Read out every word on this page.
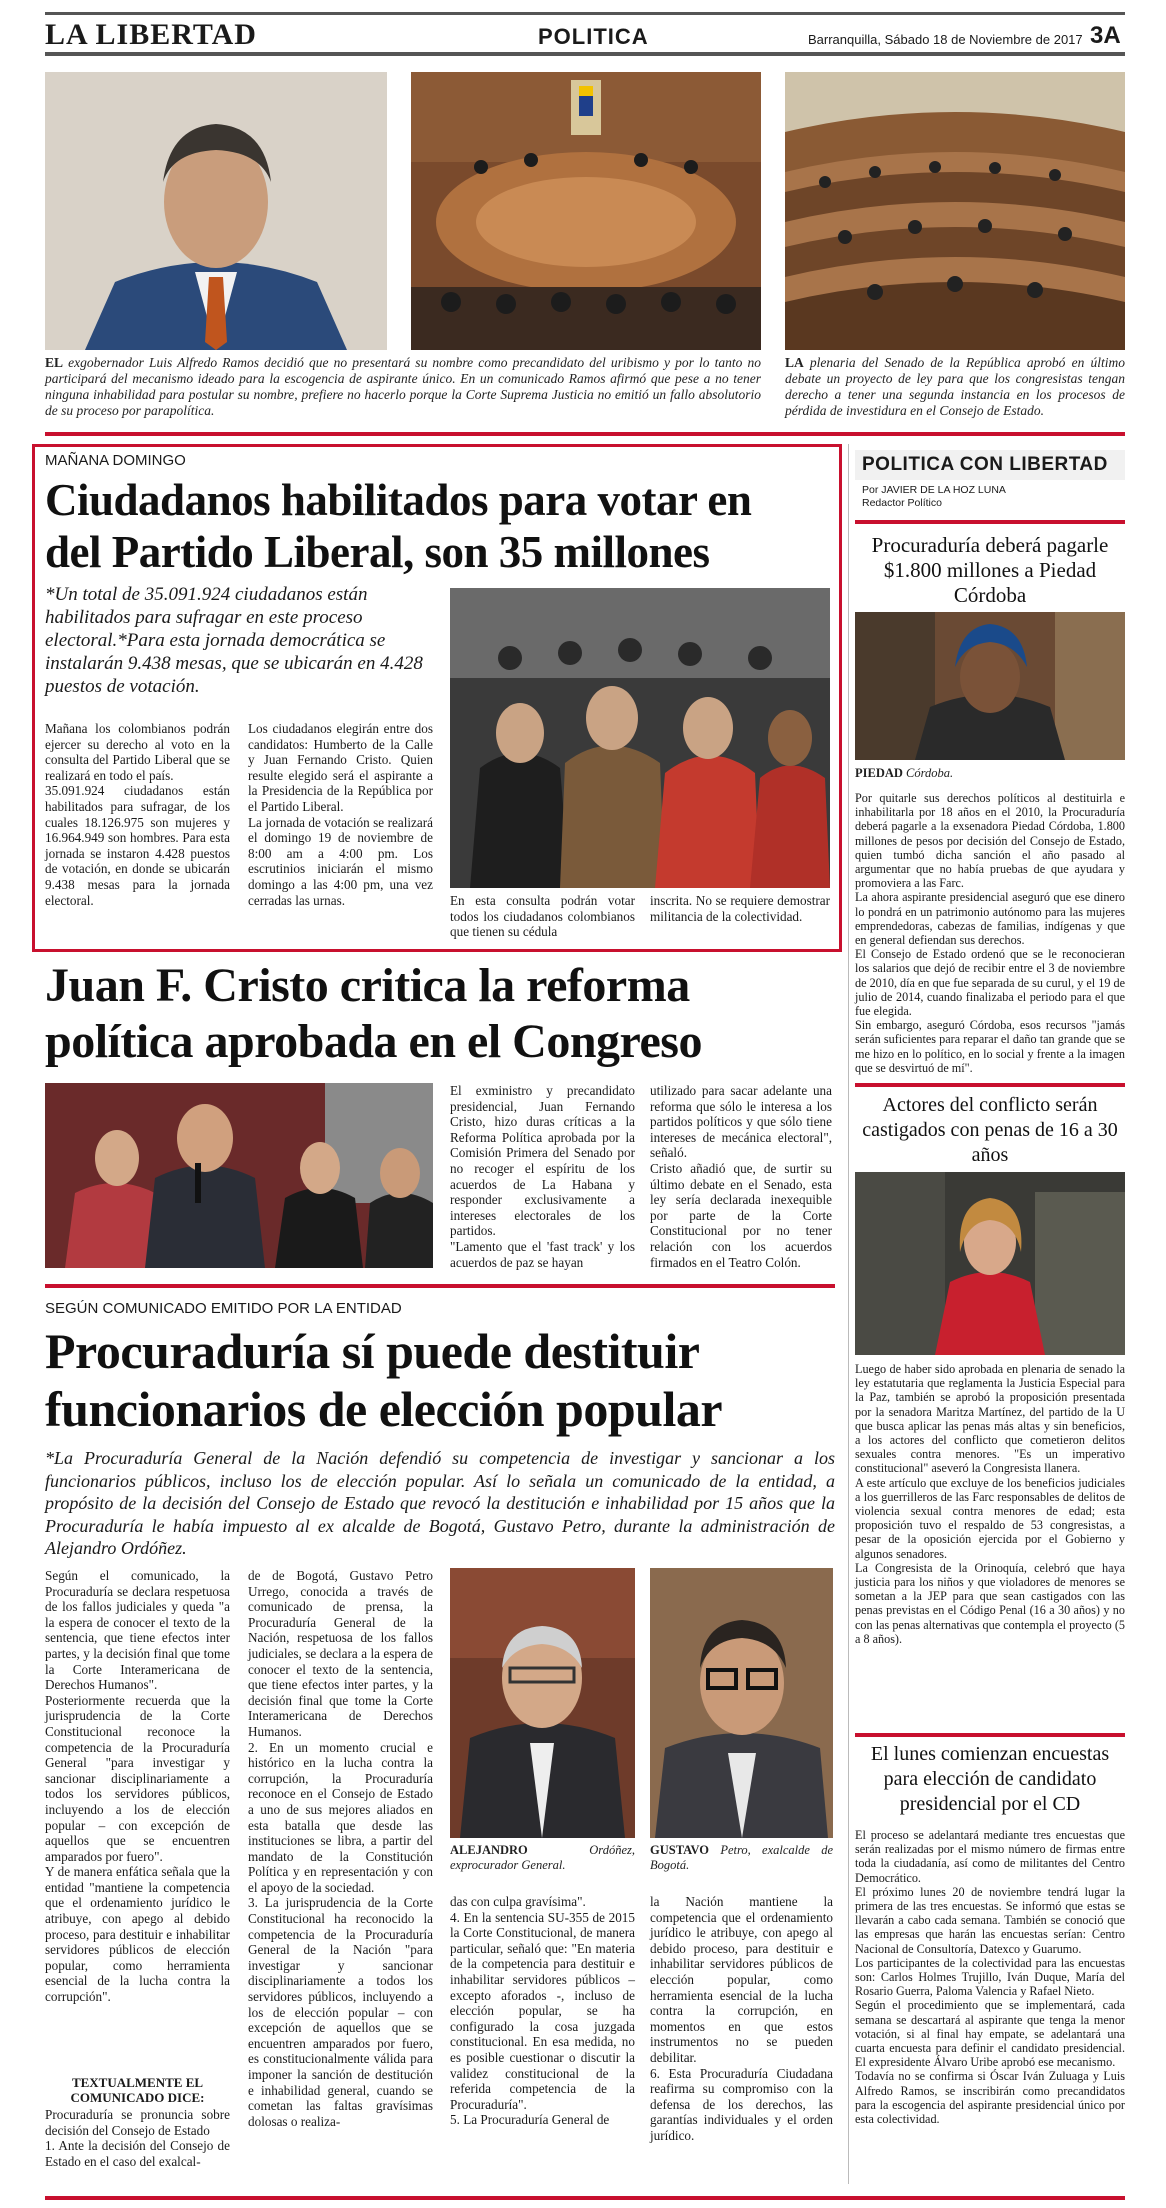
LA LIBERTAD	POLITICA	Barranquilla, Sábado 18 de Noviembre de 2017 3A
EL exgobernador Luis Alfredo Ramos decidió que no presentará su nombre como precandidato del uribismo y por lo tanto no participará del mecanismo ideado para la escogencia de aspirante único. En un comunicado Ramos afirmó que pese a no tener ninguna inhabilidad para postular su nombre, prefiere no hacerlo porque la Corte Suprema Justicia no emitió un fallo absolutorio de su proceso por parapolítica.
LA plenaria del Senado de la República aprobó en último debate un proyecto de ley para que los congresistas tengan derecho a tener una segunda instancia en los procesos de pérdida de investidura en el Consejo de Estado.
MAÑANA DOMINGO
Ciudadanos habilitados para votar en
del Partido Liberal, son 35 millones
*Un total de 35.091.924 ciudadanos están habilitados para sufragar en este proceso electoral.*Para esta jornada democrática se instalarán 9.438 mesas, que se ubicarán en 4.428 puestos de votación.
Mañana los colombianos podrán ejercer su derecho al voto en la consulta del Partido Liberal que se realizará en todo el país.
35.091.924 ciudadanos están habilitados para sufragar, de los cuales 18.126.975 son mujeres y 16.964.949 son hombres. Para esta jornada se instaron 4.428 puestos de votación, en donde se ubicarán 9.438 mesas para la jornada electoral.
Los ciudadanos elegirán entre dos candidatos: Humberto de la Calle y Juan Fernando Cristo. Quien resulte elegido será el aspirante a la Presidencia de la República por el Partido Liberal.
La jornada de votación se realizará el domingo 19 de noviembre de 8:00 am a 4:00 pm. Los escrutinios iniciarán el mismo domingo a las 4:00 pm, una vez cerradas las urnas.	En esta consulta podrán votar todos los ciudadanos colombianos que tienen su cédula
inscrita. No se requiere demostrar militancia de la colectividad.
Juan F. Cristo critica la reforma
política aprobada en el Congreso
El exministro y precandidato presidencial, Juan Fernando Cristo, hizo duras críticas a la Reforma Política aprobada por la Comisión Primera del Senado por no recoger el espíritu de los acuerdos de La Habana y responder exclusivamente a intereses electorales de los partidos.
"Lamento que el 'fast track' y los acuerdos de paz se hayan
utilizado para sacar adelante una reforma que sólo le interesa a los partidos políticos y que sólo tiene intereses de mecánica electoral", señaló.
Cristo añadió que, de surtir su último debate en el Senado, esta ley sería declarada inexequible por parte de la Corte Constitucional por no tener relación con los acuerdos firmados en el Teatro Colón.
SEGÚN COMUNICADO EMITIDO POR LA ENTIDAD
Procuraduría sí puede destituir
funcionarios de elección popular
*La Procuraduría General de la Nación defendió su competencia de investigar y sancionar a los funcionarios públicos, incluso los de elección popular. Así lo señala un comunicado de la entidad, a propósito de la decisión del Consejo de Estado que revocó la destitución e inhabilidad por 15 años que la Procuraduría le había impuesto al ex alcalde de Bogotá, Gustavo Petro, durante la administración de Alejandro Ordóñez.
Según el comunicado, la Procuraduría se declara respetuosa de los fallos judiciales y queda "a la espera de conocer el texto de la sentencia, que tiene efectos inter partes, y la decisión final que tome la Corte Interamericana de Derechos Humanos".
Posteriormente recuerda que la jurisprudencia de la Corte Constitucional reconoce la competencia de la Procuraduría General "para investigar y sancionar disciplinariamente a todos los servidores públicos, incluyendo a los de elección popular – con excepción de aquellos que se encuentren amparados por fuero".
Y de manera enfática señala que la entidad "mantiene la competencia que el ordenamiento jurídico le atribuye, con apego al debido proceso, para destituir e inhabilitar servidores públicos de elección popular, como herramienta esencial de la lucha contra la corrupción".
TEXTUALMENTE EL COMUNICADO DICE:
Procuraduría se pronuncia sobre decisión del Consejo de Estado
1. Ante la decisión del Consejo de Estado en el caso del exalcal-
de de Bogotá, Gustavo Petro Urrego, conocida a través de comunicado de prensa, la Procuraduría General de la Nación, respetuosa de los fallos judiciales, se declara a la espera de conocer el texto de la sentencia, que tiene efectos inter partes, y la decisión final que tome la Corte Interamericana de Derechos Humanos.
2. En un momento crucial e histórico en la lucha contra la corrupción, la Procuraduría reconoce en el Consejo de Estado a uno de sus mejores aliados en esta batalla que desde las instituciones se libra, a partir del mandato de la Constitución Política y en representación y con el apoyo de la sociedad.
3. La jurisprudencia de la Corte Constitucional ha reconocido la competencia de la Procuraduría General de la Nación "para investigar y sancionar disciplinariamente a todos los servidores públicos, incluyendo a los de elección popular – con excepción de aquellos que se encuentren amparados por fuero, es constitucionalmente válida para imponer la sanción de destitución e inhabilidad general, cuando se cometan las faltas gravísimas dolosas o realiza-
ALEJANDRO Ordóñez, exprocurador General.
GUSTAVO Petro, exalcalde de Bogotá.
das con culpa gravísima".
4. En la sentencia SU-355 de 2015 la Corte Constitucional, de manera particular, señaló que: "En materia de la competencia para destituir e inhabilitar servidores públicos – excepto aforados -, incluso de elección popular, se ha configurado la cosa juzgada constitucional. En esa medida, no es posible cuestionar o discutir la validez constitucional de la referida competencia de la Procuraduría".
5. La Procuraduría General de
la Nación mantiene la competencia que el ordenamiento jurídico le atribuye, con apego al debido proceso, para destituir e inhabilitar servidores públicos de elección popular, como herramienta esencial de la lucha contra la corrupción, en momentos en que estos instrumentos no se pueden debilitar.
6. Esta Procuraduría Ciudadana reafirma su compromiso con la defensa de los derechos, las garantías individuales y el orden jurídico.
POLITICA CON LIBERTAD
Por JAVIER DE LA HOZ LUNA
Redactor Político
Procuraduría deberá pagarle $1.800 millones a Piedad Córdoba
PIEDAD Córdoba.
Por quitarle sus derechos políticos al destituirla e inhabilitarla por 18 años en el 2010, la Procuraduría deberá pagarle a la exsenadora Piedad Córdoba, 1.800 millones de pesos por decisión del Consejo de Estado, quien tumbó dicha sanción el año pasado al argumentar que no había pruebas de que ayudara y promoviera a las Farc.
La ahora aspirante presidencial aseguró que ese dinero lo pondrá en un patrimonio autónomo para las mujeres emprendedoras, cabezas de familias, indígenas y que en general defiendan sus derechos.
El Consejo de Estado ordenó que se le reconocieran los salarios que dejó de recibir entre el 3 de noviembre de 2010, día en que fue separada de su curul, y el 19 de julio de 2014, cuando finalizaba el periodo para el que fue elegida.
Sin embargo, aseguró Córdoba, esos recursos "jamás serán suficientes para reparar el daño tan grande que se me hizo en lo político, en lo social y frente a la imagen que se desvirtuó de mí".
Actores del conflicto serán castigados con penas de 16 a 30 años
Luego de haber sido aprobada en plenaria de senado la ley estatutaria que reglamenta la Justicia Especial para la Paz, también se aprobó la proposición presentada por la senadora Maritza Martínez, del partido de la U que busca aplicar las penas más altas y sin beneficios, a los actores del conflicto que cometieron delitos sexuales contra menores. "Es un imperativo constitucional" aseveró la Congresista llanera.
A este artículo que excluye de los beneficios judiciales a los guerrilleros de las Farc responsables de delitos de violencia sexual contra menores de edad; esta proposición tuvo el respaldo de 53 congresistas, a pesar de la oposición ejercida por el Gobierno y algunos senadores.
La Congresista de la Orinoquía, celebró que haya justicia para los niños y que violadores de menores se sometan a la JEP para que sean castigados con las penas previstas en el Código Penal (16 a 30 años) y no con las penas alternativas que contempla el proyecto (5 a 8 años).
El lunes comienzan encuestas para elección de candidato presidencial por el CD
El proceso se adelantará mediante tres encuestas que serán realizadas por el mismo número de firmas entre toda la ciudadanía, así como de militantes del Centro Democrático.
El próximo lunes 20 de noviembre tendrá lugar la primera de las tres encuestas. Se informó que estas se llevarán a cabo cada semana. También se conoció que las empresas que harán las encuestas serían: Centro Nacional de Consultoría, Datexco y Guarumo.
Los participantes de la colectividad para las encuestas son: Carlos Holmes Trujillo, Iván Duque, María del Rosario Guerra, Paloma Valencia y Rafael Nieto.
Según el procedimiento que se implementará, cada semana se descartará al aspirante que tenga la menor votación, si al final hay empate, se adelantará una cuarta encuesta para definir el candidato presidencial. El expresidente Álvaro Uribe aprobó ese mecanismo.
Todavía no se confirma si Óscar Iván Zuluaga y Luis Alfredo Ramos, se inscribirán como precandidatos para la escogencia del aspirante presidencial único por esta colectividad.
